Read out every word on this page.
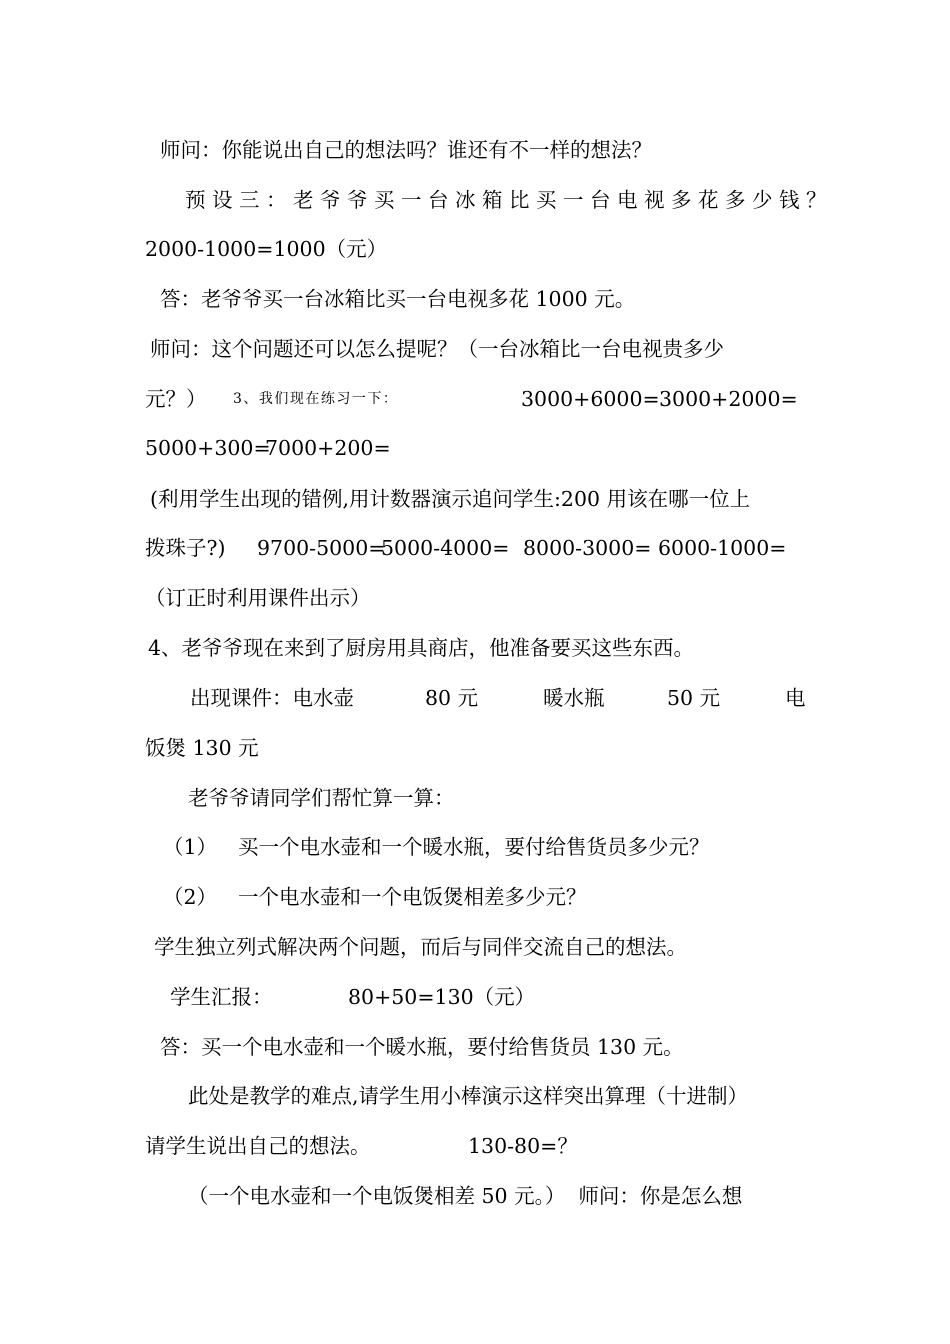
师问：你能说出自己的想法吗？谁还有不一样的想法？
预设三：老爷爷买一台冰箱比买一台电视多花多少钱？
2000-1000=1000（元）
答：老爷爷买一台冰箱比买一台电视多花 1000 元。
师问：这个问题还可以怎么提呢？（一台冰箱比一台电视贵多少
元？） 3、我们现在练习一下：	3000+6000= 3000+2000=
5000+300=
7000+200=
(利用学生出现的错例,用计数器演示追问学生:200 用该在哪一位上
拨珠子?) 9700-5000=
5000-4000= 8000-3000= 6000-1000=
（订正时利用课件出示）
4、老爷爷现在来到了厨房用具商店，他准备要买这些东西。
出现课件：电水壶	80 元	暖水瓶	50 元	电
饭煲 130 元
老爷爷请同学们帮忙算一算：
（1） 买一个电水壶和一个暖水瓶，要付给售货员多少元？
（2） 一个电水壶和一个电饭煲相差多少元？
学生独立列式解决两个问题，而后与同伴交流自己的想法。
学生汇报：	80+50=130（元）
答：买一个电水壶和一个暖水瓶，要付给售货员 130 元。
此处是教学的难点,请学生用小棒演示这样突出算理（十进制）
请学生说出自己的想法。	130-80=？
（一个电水壶和一个电饭煲相差 50 元。）  师问：你是怎么想
